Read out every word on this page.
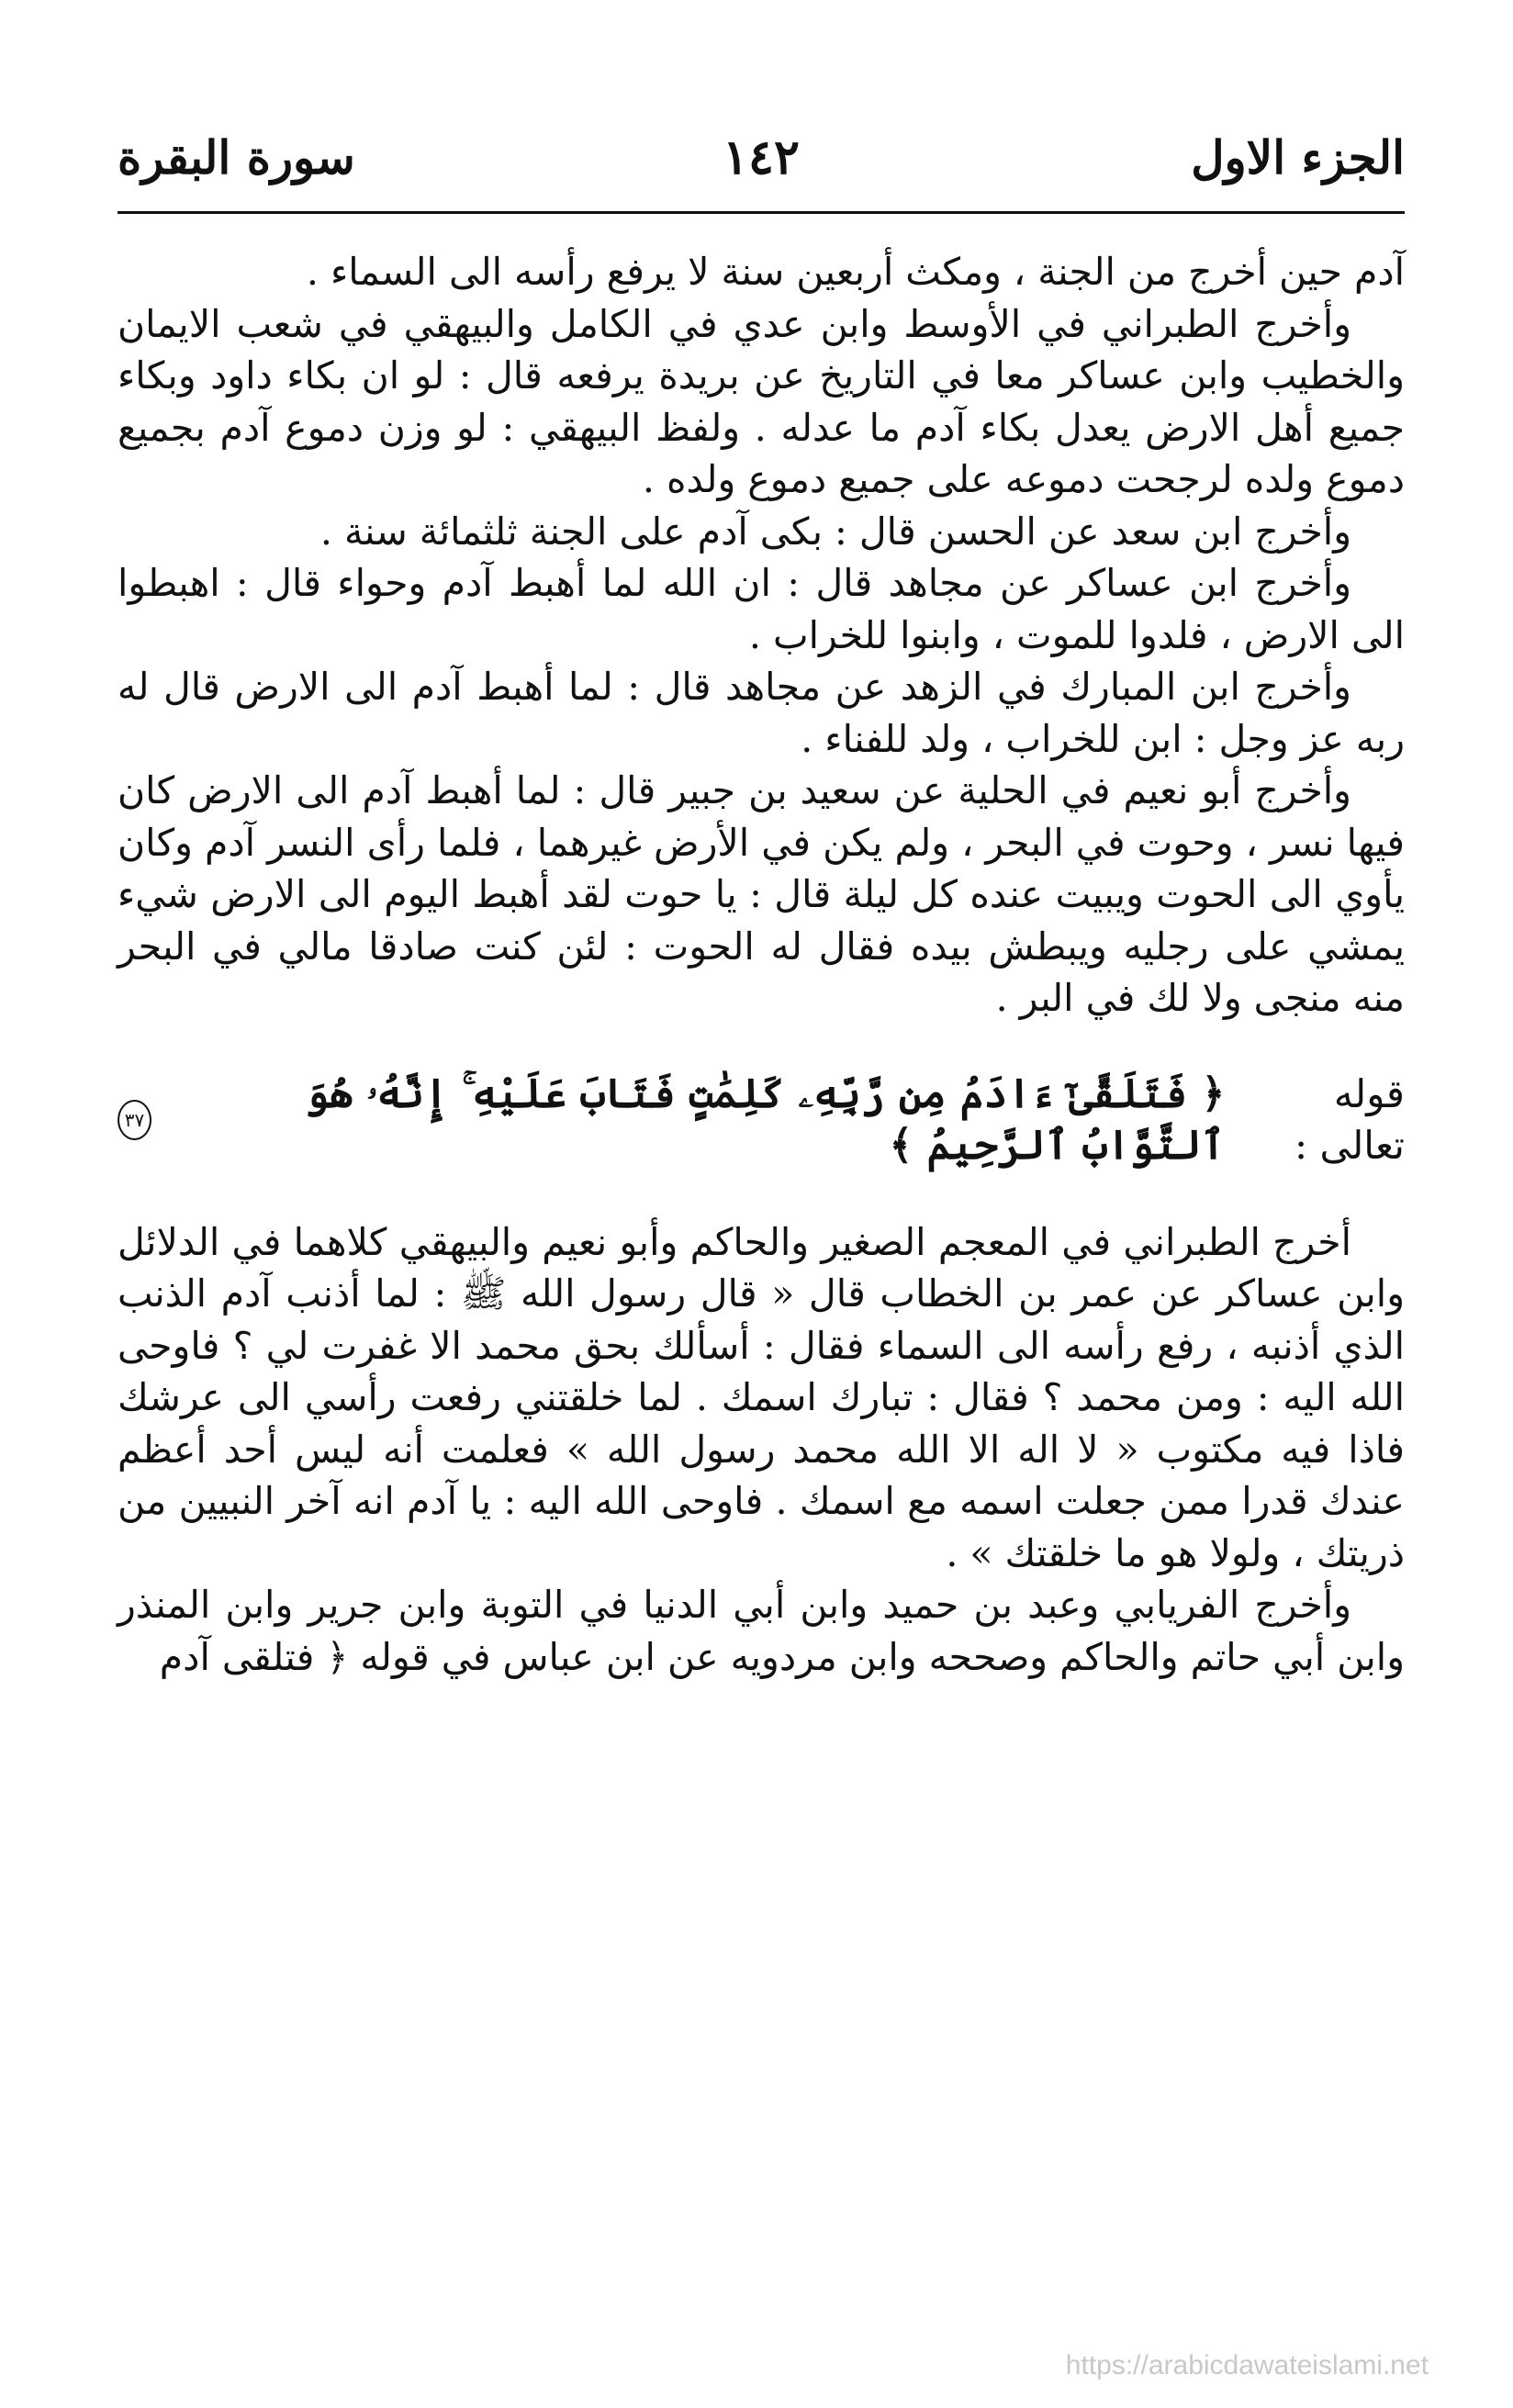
الجزء الاول
١٤٢
سورة البقرة

آدم حين أخرج من الجنة ، ومكث أربعين سنة لا يرفع رأسه الى السماء .

وأخرج الطبراني في الأوسط وابن عدي في الكامل والبيهقي في شعب الايمان والخطيب وابن عساكر معا في التاريخ عن بريدة يرفعه قال : لو ان بكاء داود وبكاء جميع أهل الارض يعدل بكاء آدم ما عدله . ولفظ البيهقي : لو وزن دموع آدم بجميع دموع ولده لرجحت دموعه على جميع دموع ولده .

وأخرج ابن سعد عن الحسن قال : بكى آدم على الجنة ثلثمائة سنة .

وأخرج ابن عساكر عن مجاهد قال : ان الله لما أهبط آدم وحواء قال : اهبطوا الى الارض ، فلدوا للموت ، وابنوا للخراب .

وأخرج ابن المبارك في الزهد عن مجاهد قال : لما أهبط آدم الى الارض قال له ربه عز وجل : ابن للخراب ، ولد للفناء .

وأخرج أبو نعيم في الحلية عن سعيد بن جبير قال : لما أهبط آدم الى الارض كان فيها نسر ، وحوت في البحر ، ولم يكن في الأرض غيرهما ، فلما رأى النسر آدم وكان يأوي الى الحوت ويبيت عنده كل ليلة قال : يا حوت لقد أهبط اليوم الى الارض شيء يمشي على رجليه ويبطش بيده فقال له الحوت : لئن كنت صادقا مالي في البحر منه منجى ولا لك في البر .

قوله تعالى :
﴿ فَتَلَقَّىٰٓ ءَادَمُ مِن رَّبِّهِۦ كَلِمَٰتٍ فَتَابَ عَلَيْهِ ۚ إِنَّهُۥ هُوَ ٱلتَّوَّابُ ٱلرَّحِيمُ ﴾
٣٧

أخرج الطبراني في المعجم الصغير والحاكم وأبو نعيم والبيهقي كلاهما في الدلائل وابن عساكر عن عمر بن الخطاب قال « قال رسول الله ﷺ : لما أذنب آدم الذنب الذي أذنبه ، رفع رأسه الى السماء فقال : أسألك بحق محمد الا غفرت لي ؟ فاوحى الله اليه : ومن محمد ؟ فقال : تبارك اسمك . لما خلقتني رفعت رأسي الى عرشك فاذا فيه مكتوب « لا اله الا الله محمد رسول الله » فعلمت أنه ليس أحد أعظم عندك قدرا ممن جعلت اسمه مع اسمك . فاوحى الله اليه : يا آدم انه آخر النبيين من ذريتك ، ولولا هو ما خلقتك » .

وأخرج الفريابي وعبد بن حميد وابن أبي الدنيا في التوبة وابن جرير وابن المنذر وابن أبي حاتم والحاكم وصححه وابن مردويه عن ابن عباس في قوله ﴿ فتلقى آدم

https://arabicdawateislami.net
